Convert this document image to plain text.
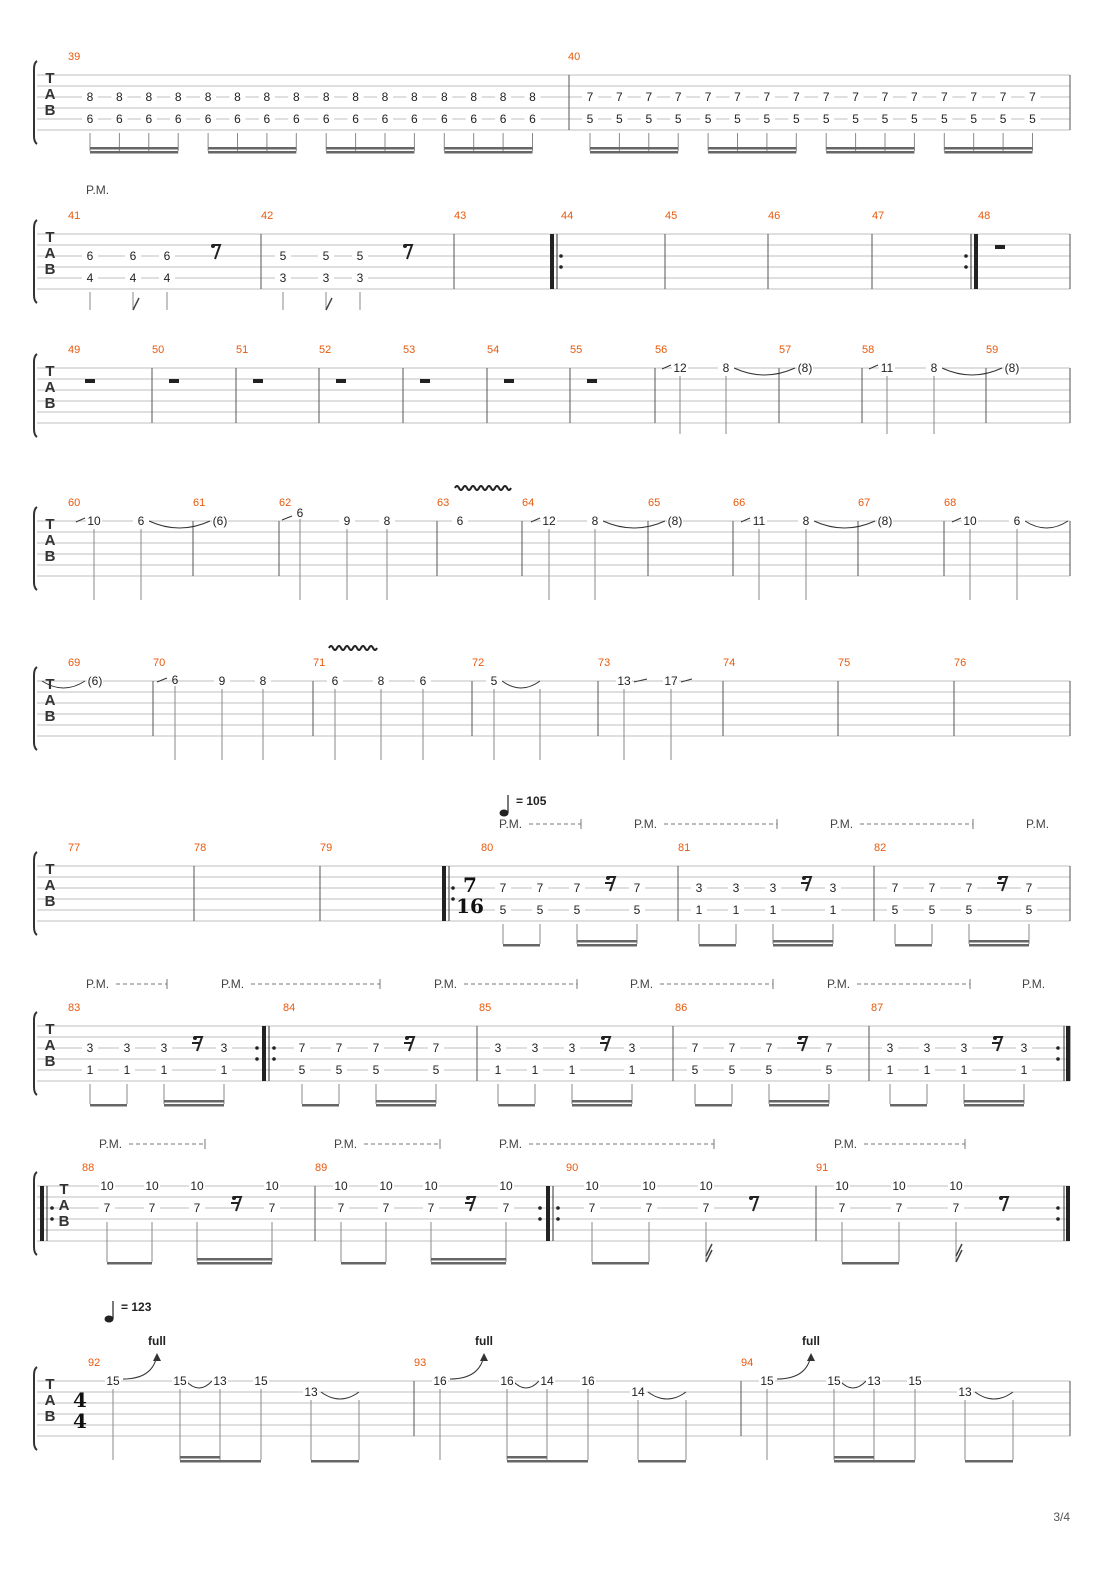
T
A
B
39	40
8
6
8
6
8
6
8
6
8
6
8
6
8
6
8
6
8
6
8
6
8
6
8
6
8
6
8
6
8
6
8
6
7
5
7
5
7
5
7
5
7
5
7
5
7
5
7
5
7
5
7
5
7
5
7
5
7
5
7
5
7
5
7
5
T
A
B
P.M.
41	42	43	44	45	46	47	48
6
4
6
4
6
4
5
3
5
3
5
3
T
A
B
49	50	51	52	53	54	55	56	57	58	59
12	8	(8)	11	8	(8)
T
A
B
60	61	62	63	64	65	66	67	68
10	6	(6)
6
9	8	6	12	8	(8)	11	8	(8)	10	6
T
A
B
69	70	71	72	73	74	75	76
(6)	6	9	8	6	8	6	5	13	17
T
A
B
77	78	79	80	81	82
7
16
= 105
P.M.	P.M.	P.M.	P.M.
7
5
7
5
7
5
7
5
3
1
3
1
3
1
3
1
7
5
7
5
7
5
7
5
T
A
B
83	84	85	86	87
P.M.	P.M.	P.M.	P.M.	P.M.	P.M.
3
1
3
1
3
1
3
1
7
5
7
5
7
5
7
5
3
1
3
1
3
1
3
1
7
5
7
5
7
5
7
5
3
1
3
1
3
1
3
1
T
A
B
88	89	90	91
P.M.	P.M.	P.M.	P.M.
10
7
10
7
10
7
10
7
10
7
10
7
10
7
10
7
10
7
10
7
10
7
10
7
10
7
10
7
T
A
B
4
4
= 123
92	93	94
15
full
15 13 15
13
16
full
16 14 16
14
15
full
15 13 15
13
3/4
